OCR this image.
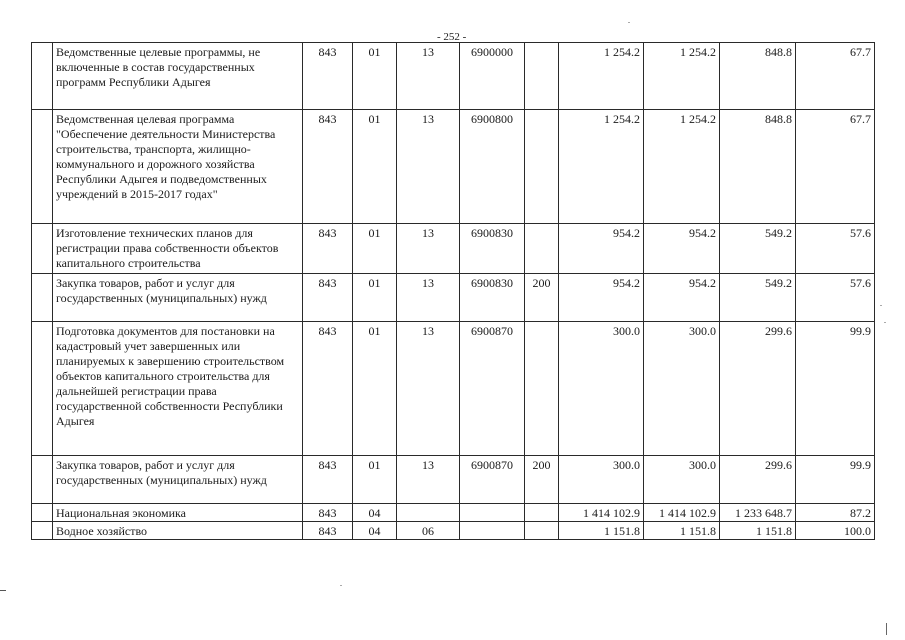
- 252 -
	Ведомственные целевые программы, не включенные в состав государственных программ Республики Адыгея	843	01	13	6900000		1 254.2	1 254.2	848.8	67.7
	Ведомственная целевая программа "Обеспечение деятельности Министерства строительства, транспорта, жилищно-коммунального и дорожного хозяйства Республики Адыгея и подведомственных учреждений в 2015-2017 годах"	843	01	13	6900800		1 254.2	1 254.2	848.8	67.7
	Изготовление технических планов для регистрации права собственности объектов капитального строительства	843	01	13	6900830		954.2	954.2	549.2	57.6
	Закупка товаров, работ и услуг для государственных (муниципальных) нужд	843	01	13	6900830	200	954.2	954.2	549.2	57.6
	Подготовка документов для постановки на кадастровый учет завершенных или планируемых к завершению строительством объектов капитального строительства для дальнейшей регистрации права государственной собственности Республики Адыгея	843	01	13	6900870		300.0	300.0	299.6	99.9
	Закупка товаров, работ и услуг для государственных (муниципальных) нужд	843	01	13	6900870	200	300.0	300.0	299.6	99.9
	Национальная экономика	843	04				1 414 102.9	1 414 102.9	1 233 648.7	87.2
	Водное хозяйство	843	04	06			1 151.8	1 151.8	1 151.8	100.0
